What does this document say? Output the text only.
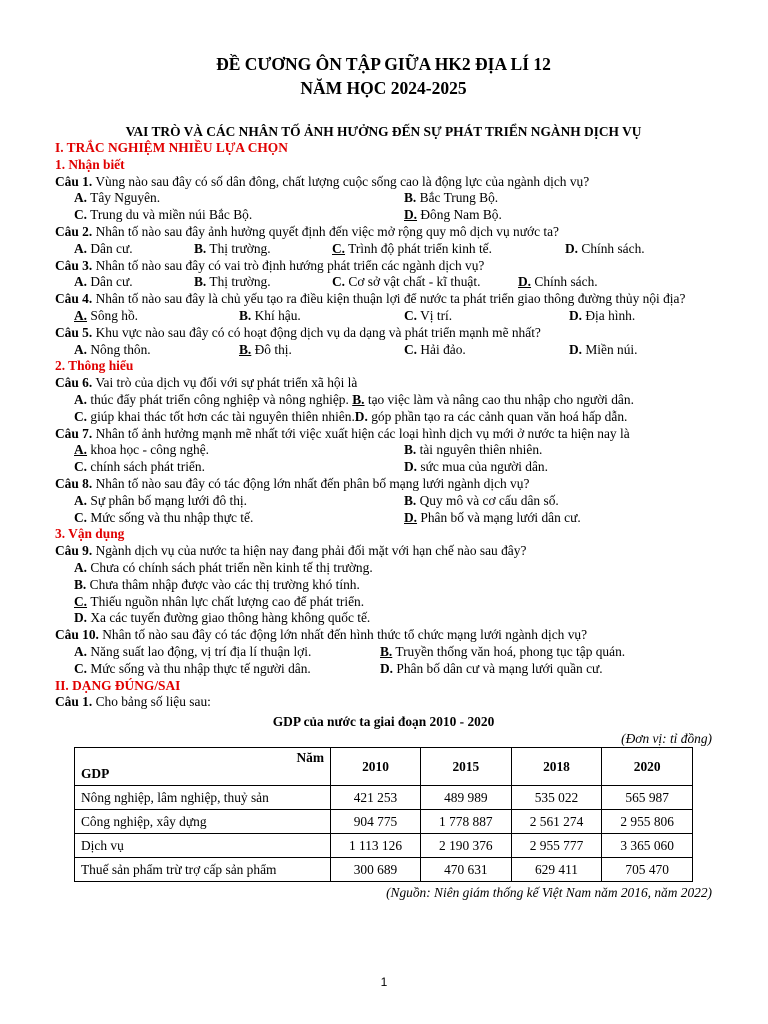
ĐỀ CƯƠNG ÔN TẬP GIỮA HK2 ĐỊA LÍ 12
NĂM HỌC 2024-2025
VAI TRÒ VÀ CÁC NHÂN TỐ ẢNH HƯỞNG ĐẾN SỰ PHÁT TRIỂN NGÀNH DỊCH VỤ
I. TRẮC NGHIỆM NHIỀU LỰA CHỌN
1. Nhận biết
Câu 1. Vùng nào sau đây có số dân đông, chất lượng cuộc sống cao là động lực của ngành dịch vụ?
A. Tây Nguyên.	B. Bắc Trung Bộ.
C. Trung du và miền núi Bắc Bộ.	D. Đông Nam Bộ.
Câu 2. Nhân tố nào sau đây ảnh hưởng quyết định đến việc mở rộng quy mô dịch vụ nước ta?
A. Dân cư.	B. Thị trường.	C. Trình độ phát triển kinh tế.	D. Chính sách.
Câu 3. Nhân tố nào sau đây có vai trò định hướng phát triển các ngành dịch vụ?
A. Dân cư.	B. Thị trường.	C. Cơ sở vật chất - kĩ thuật.	D. Chính sách.
Câu 4. Nhân tố nào sau đây là chủ yếu tạo ra điều kiện thuận lợi để nước ta phát triển giao thông đường thủy nội địa?
A. Sông hồ.	B. Khí hậu.	C. Vị trí.	D. Địa hình.
Câu 5. Khu vực nào sau đây có có hoạt động dịch vụ da dạng và phát triển mạnh mẽ nhất?
A. Nông thôn.	B. Đô thị.	C. Hải đảo.	D. Miền núi.
2. Thông hiểu
Câu 6. Vai trò của dịch vụ đối với sự phát triển xã hội là
A. thúc đẩy phát triển công nghiệp và nông nghiệp. B. tạo việc làm và nâng cao thu nhập cho người dân.
C. giúp khai thác tốt hơn các tài nguyên thiên nhiên.D. góp phần tạo ra các cảnh quan văn hoá hấp dẫn.
Câu 7. Nhân tố ảnh hưởng mạnh mẽ nhất tới việc xuất hiện các loại hình dịch vụ mới ở nước ta hiện nay là
A. khoa học - công nghệ.	B. tài nguyên thiên nhiên.
C. chính sách phát triển.	D. sức mua của người dân.
Câu 8. Nhân tố nào sau đây có tác động lớn nhất đến phân bố mạng lưới ngành dịch vụ?
A. Sự phân bố mạng lưới đô thị.	B. Quy mô và cơ cấu dân số.
C. Mức sống và thu nhập thực tế.	D. Phân bố và mạng lưới dân cư.
3. Vận dụng
Câu 9. Ngành dịch vụ của nước ta hiện nay đang phải đối mặt với hạn chế nào sau đây?
A.
Chưa có chính sách phát triển nền kinh tế thị trường.
B.
Chưa thâm nhập được vào các thị trường khó tính.
C.
Thiếu nguồn nhân lực chất lượng cao để phát triển.
D.
Xa các tuyến đường giao thông hàng không quốc tế.
Câu 10. Nhân tố nào sau đây có tác động lớn nhất đến hình thức tổ chức mạng lưới ngành dịch vụ?
A. Năng suất lao động, vị trí địa lí thuận lợi.	B. Truyền thống văn hoá, phong tục tập quán.
C. Mức sống và thu nhập thực tế người dân.	D. Phân bố dân cư và mạng lưới quần cư.
II. DẠNG ĐÚNG/SAI
Câu 1. Cho bảng số liệu sau:
GDP của nước ta giai đoạn 2010 - 2020
(Đơn vị: tỉ đồng)
Năm
GDP	2010	2015	2018	2020
Nông nghiệp, lâm nghiệp, thuỷ sản	421 253	489 989	535 022	565 987
Công nghiệp, xây dựng	904 775	1 778 887	2 561 274	2 955 806
Dịch vụ	1 113 126	2 190 376	2 955 777	3 365 060
Thuế sản phẩm trừ trợ cấp sản phẩm	300 689	470 631	629 411	705 470
(Nguồn: Niên giám thống kế Việt Nam năm 2016, năm 2022)
1
